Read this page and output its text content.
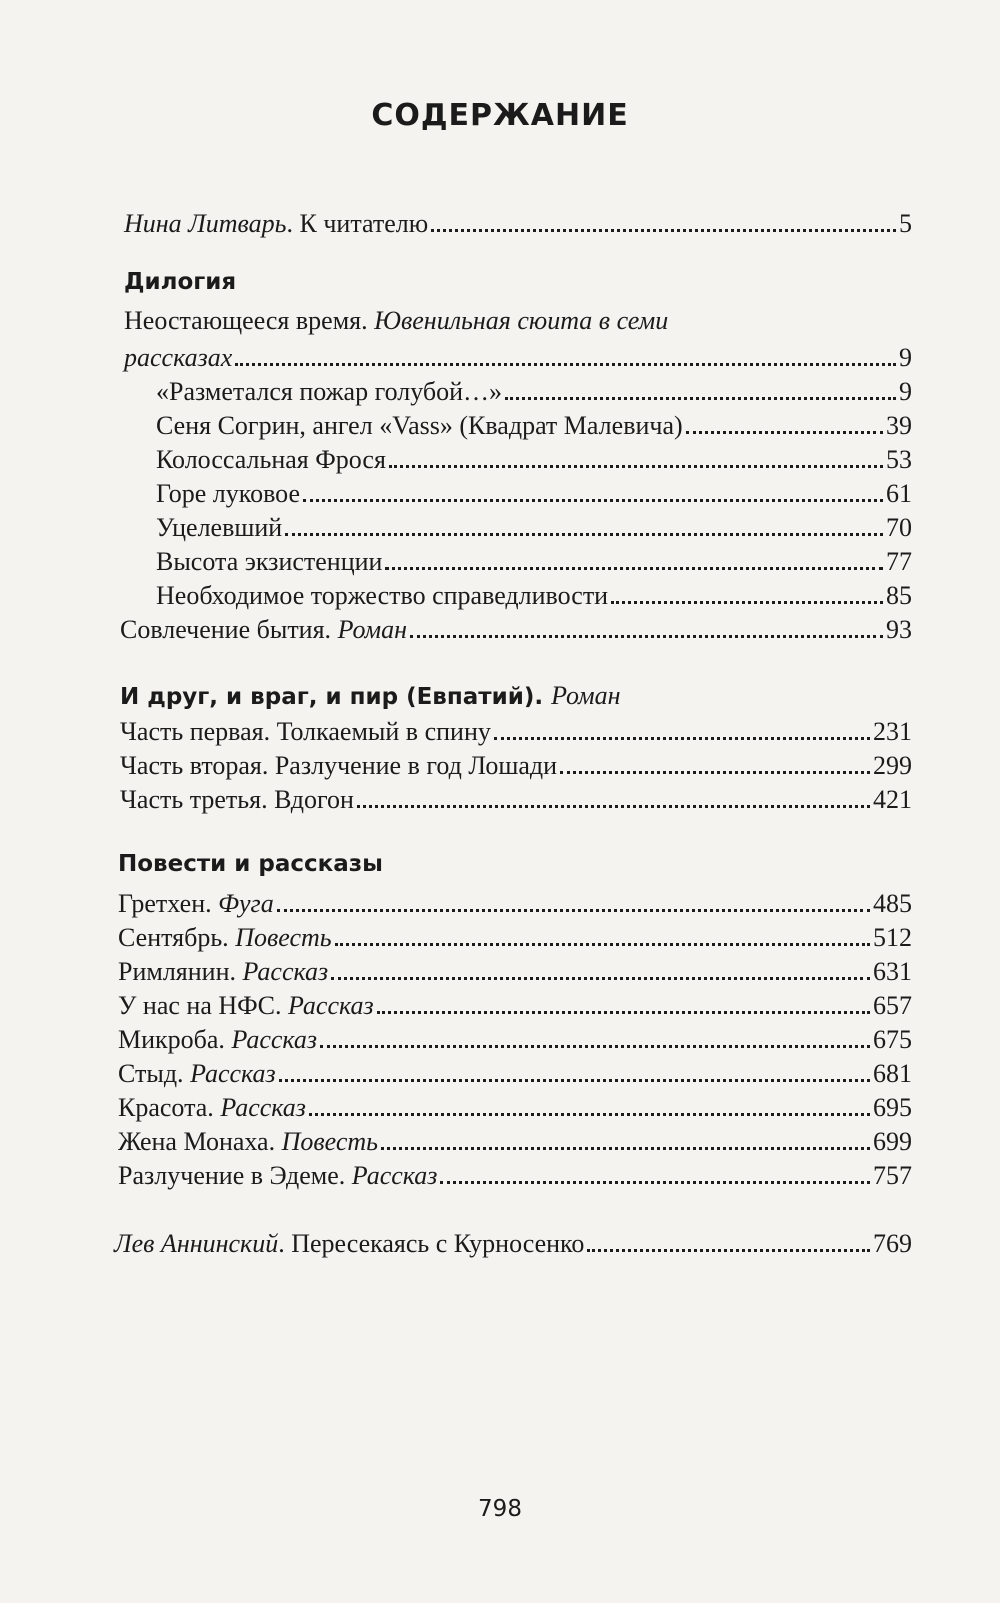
СОДЕРЖАНИЕ
Нина Литварь. К читателю	5
Дилогия
Неостающееся время. Ювенильная сюита в семи
рассказах	9
«Разметался пожар голубой…»	9
Сеня Согрин, ангел «Vass» (Квадрат Малевича)	39
Колоссальная Фрося	53
Горе луковое	61
Уцелевший	70
Высота экзистенции	77
Необходимое торжество справедливости	85
Совлечение бытия. Роман	93
И друг, и враг, и пир (Евпатий). Роман
Часть первая. Толкаемый в спину	231
Часть вторая. Разлучение в год Лошади	299
Часть третья. Вдогон	421
Повести и рассказы
Гретхен. Фуга	485
Сентябрь. Повесть	512
Римлянин. Рассказ	631
У нас на НФС. Рассказ	657
Микроба. Рассказ	675
Стыд. Рассказ	681
Красота. Рассказ	695
Жена Монаха. Повесть	699
Разлучение в Эдеме. Рассказ	757
Лев Аннинский. Пересекаясь с Курносенко	769
798
